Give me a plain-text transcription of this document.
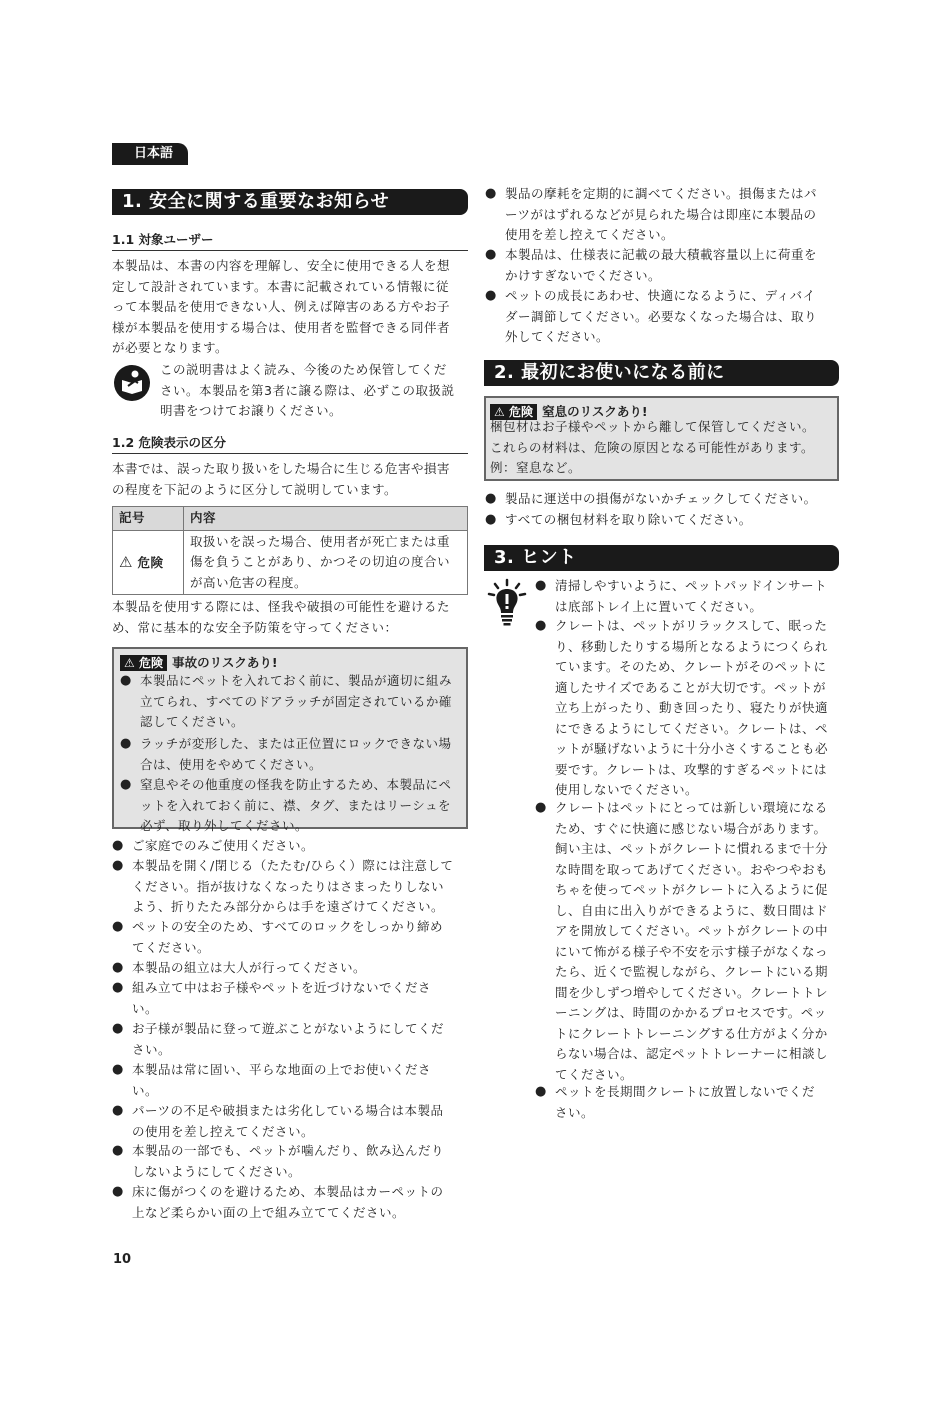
日本語
1. 安全に関する重要なお知らせ
1.1 対象ユーザー
本製品は、本書の内容を理解し、安全に使用できる人を想
定して設計されています。本書に記載されている情報に従
って本製品を使用できない人、例えば障害のある方やお子
様が本製品を使用する場合は、使用者を監督できる同伴者
が必要となります。
この説明書はよく読み、今後のため保管してくだ
さい。本製品を第3者に譲る際は、必ずこの取扱説
明書をつけてお譲りください。
1.2 危険表示の区分
本書では、誤った取り扱いをした場合に生じる危害や損害
の程度を下記のように区分して説明しています。
記号	内容
⚠ 危険	取扱いを誤った場合、使用者が死亡または重
傷を負うことがあり、かつその切迫の度合い
が高い危害の程度。
本製品を使用する際には、怪我や破損の可能性を避けるた
め、常に基本的な安全予防策を守ってください：
⚠ 危険 事故のリスクあり!
● 本製品にペットを入れておく前に、製品が適切に組み
立てられ、すべてのドアラッチが固定されているか確
認してください。
● ラッチが変形した、または正位置にロックできない場
合は、使用をやめてください。
● 窒息やその他重度の怪我を防止するため、本製品にペ
ットを入れておく前に、襟、タグ、またはリーシュを
必ず、取り外してください。
● ご家庭でのみご使用ください。
● 本製品を開く/閉じる（たたむ/ひらく）際には注意して
ください。指が抜けなくなったりはさまったりしない
よう、折りたたみ部分からは手を遠ざけてください。
● ペットの安全のため、すべてのロックをしっかり締め
てください。
● 本製品の組立は大人が行ってください。
● 組み立て中はお子様やペットを近づけないでくださ
い。
● お子様が製品に登って遊ぶことがないようにしてくだ
さい。
● 本製品は常に固い、平らな地面の上でお使いくださ
い。
● パーツの不足や破損または劣化している場合は本製品
の使用を差し控えてください。
● 本製品の一部でも、ペットが噛んだり、飲み込んだり
しないようにしてください。
● 床に傷がつくのを避けるため、本製品はカーペットの
上など柔らかい面の上で組み立ててください。
10
● 製品の摩耗を定期的に調べてください。損傷またはパ
ーツがはずれるなどが見られた場合は即座に本製品の
使用を差し控えてください。
● 本製品は、仕様表に記載の最大積載容量以上に荷重を
かけすぎないでください。
● ペットの成長にあわせ、快適になるように、ディバイ
ダー調節してください。必要なくなった場合は、取り
外してください。
2. 最初にお使いになる前に
⚠ 危険 窒息のリスクあり!
梱包材はお子様やペットから離して保管してください。
これらの材料は、危険の原因となる可能性があります。
例：窒息など。
● 製品に運送中の損傷がないかチェックしてください。
● すべての梱包材料を取り除いてください。
3. ヒント
● 清掃しやすいように、ペットパッドインサート
は底部トレイ上に置いてください。
● クレートは、ペットがリラックスして、眠った
り、移動したりする場所となるようにつくられ
ています。そのため、クレートがそのペットに
適したサイズであることが大切です。ペットが
立ち上がったり、動き回ったり、寝たりが快適
にできるようにしてください。クレートは、ペ
ットが騒げないように十分小さくすることも必
要です。クレートは、攻撃的すぎるペットには
使用しないでください。
● クレートはペットにとっては新しい環境になる
ため、すぐに快適に感じない場合があります。
飼い主は、ペットがクレートに慣れるまで十分
な時間を取ってあげてください。おやつやおも
ちゃを使ってペットがクレートに入るように促
し、自由に出入りができるように、数日間はド
アを開放してください。ペットがクレートの中
にいて怖がる様子や不安を示す様子がなくなっ
たら、近くで監視しながら、クレートにいる期
間を少しずつ増やしてください。クレートトレ
ーニングは、時間のかかるプロセスです。ペッ
トにクレートトレーニングする仕方がよく分か
らない場合は、認定ペットトレーナーに相談し
てください。
● ペットを長期間クレートに放置しないでくだ
さい。
